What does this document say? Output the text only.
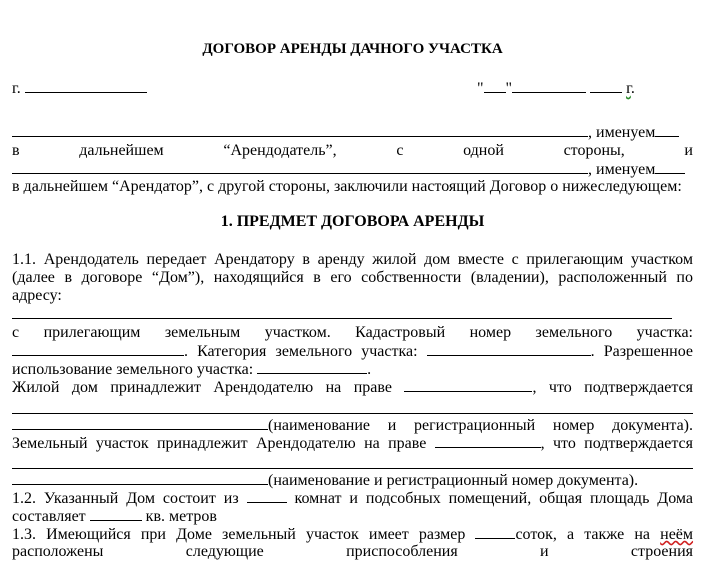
ДОГОВОР АРЕНДЫ ДАЧНОГО УЧАСТКА
г.	" "	г.
, именуем
в дальнейшем “Арендодатель”, с одной стороны, и
, именуем
в дальнейшем “Арендатор”, с другой стороны, заключили настоящий Договор о нижеследующем:
1. ПРЕДМЕТ ДОГОВОРА АРЕНДЫ
1.1. Арендодатель передает Арендатору в аренду жилой дом вместе с прилегающим участком
(далее в договоре “Дом”), находящийся в его собственности (владении), расположенный по
адресу:
с прилегающим земельным участком. Кадастровый номер земельного участка:
. Категория земельного участка:	. Разрешенное
использование земельного участка:	.
Жилой дом принадлежит Арендодателю на праве	, что подтверждается
(наименование и регистрационный номер документа).
Земельный участок принадлежит Арендодателю на праве	, что подтверждается
(наименование и регистрационный номер документа).
1.2. Указанный Дом состоит из	комнат и подсобных помещений, общая площадь Дома
составляет	кв. метров
1.3. Имеющийся при Доме земельный участок имеет размер	соток, а также на неём
расположены следующие приспособления и строения
